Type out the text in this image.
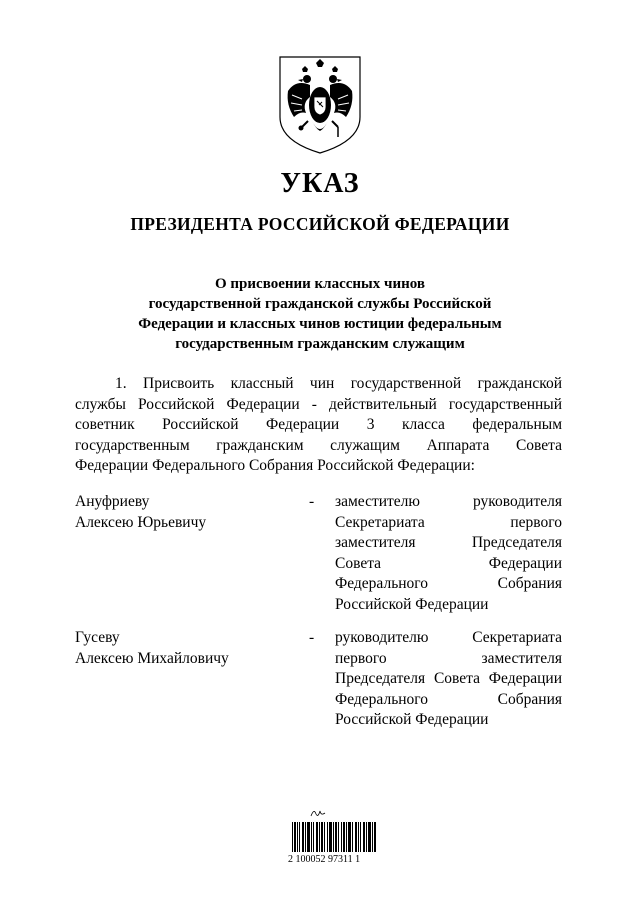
УКАЗ
ПРЕЗИДЕНТА РОССИЙСКОЙ ФЕДЕРАЦИИ
О присвоении классных чинов
государственной гражданской службы Российской
Федерации и классных чинов юстиции федеральным
государственным гражданским служащим
1. Присвоить классный чин государственной гражданской
службы Российской Федерации - действительный государственный
советник Российской Федерации 3 класса федеральным
государственным гражданским служащим Аппарата Совета
Федерации Федерального Собрания Российской Федерации:
Ануфриеву
Алексею Юрьевичу
- заместителю руководителя
Секретариата первого
заместителя Председателя
Совета Федерации
Федерального Собрания
Российской Федерации
Гусеву
Алексею Михайловичу
- руководителю Секретариата
первого заместителя
Председателя Совета Федерации
Федерального Собрания
Российской Федерации
2 100052 97311 1
